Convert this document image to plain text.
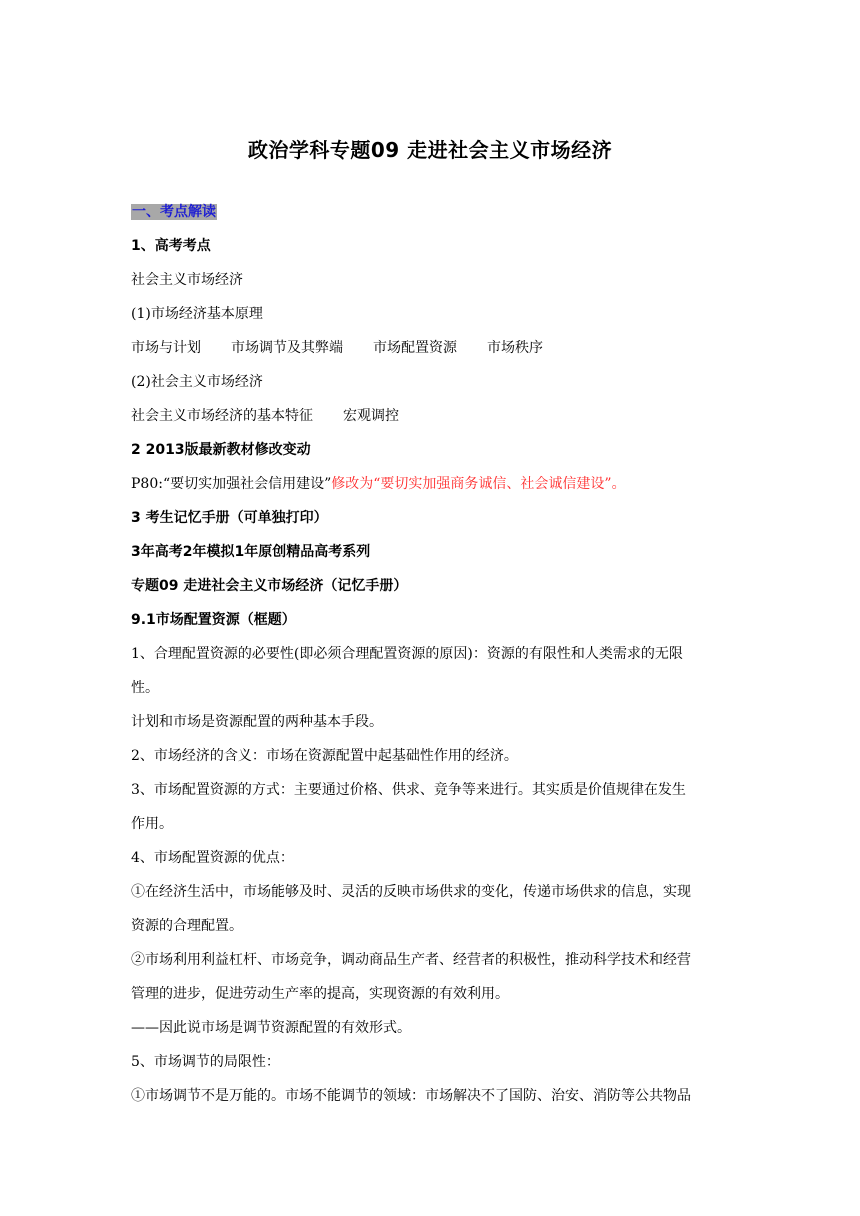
政治学科专题09 走进社会主义市场经济

一、考点解读

1、高考考点

社会主义市场经济

(1)市场经济基本原理

市场与计划 市场调节及其弊端 市场配置资源 市场秩序

(2)社会主义市场经济

社会主义市场经济的基本特征 宏观调控

2 2013版最新教材修改变动

P80:“要切实加强社会信用建设”修改为“要切实加强商务诚信、社会诚信建设”。

3 考生记忆手册（可单独打印）

3年高考2年模拟1年原创精品高考系列

专题09 走进社会主义市场经济（记忆手册）

9.1市场配置资源（框题）

1、合理配置资源的必要性(即必须合理配置资源的原因)：资源的有限性和人类需求的无限

性。

计划和市场是资源配置的两种基本手段。

2、市场经济的含义：市场在资源配置中起基础性作用的经济。

3、市场配置资源的方式：主要通过价格、供求、竞争等来进行。其实质是价值规律在发生

作用。

4、市场配置资源的优点：

①在经济生活中，市场能够及时、灵活的反映市场供求的变化，传递市场供求的信息，实现

资源的合理配置。

②市场利用利益杠杆、市场竞争，调动商品生产者、经营者的积极性，推动科学技术和经营

管理的进步，促进劳动生产率的提高，实现资源的有效利用。

——因此说市场是调节资源配置的有效形式。

5、市场调节的局限性：

①市场调节不是万能的。市场不能调节的领域：市场解决不了国防、治安、消防等公共物品
